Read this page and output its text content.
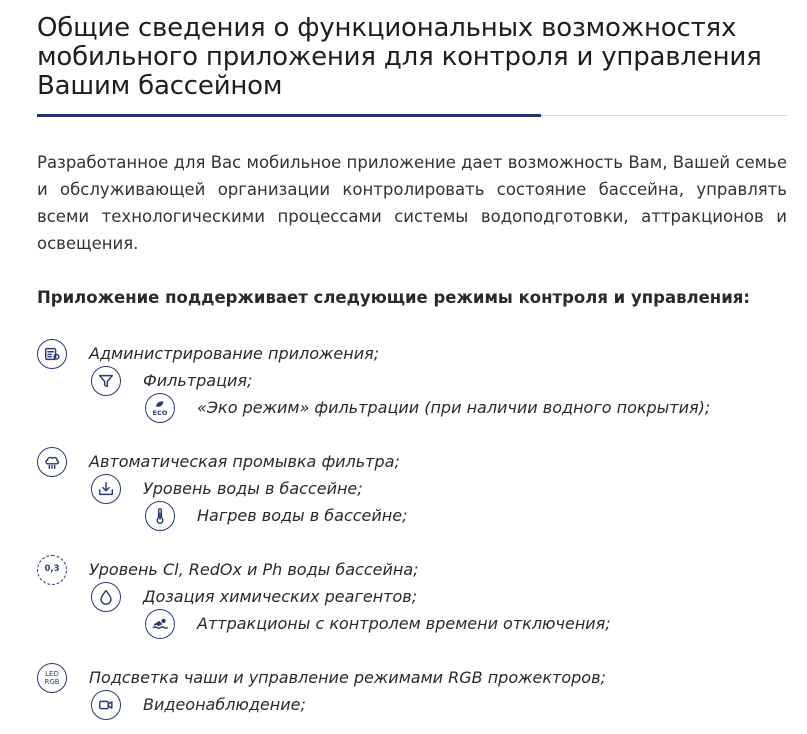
Общие сведения о функциональных возможностях мобильного приложения для контроля и управления Вашим бассейном

Разработанное для Вас мобильное приложение дает возможность Вам, Вашей семье и обслуживающей организации контролировать состояние бассейна, управлять всеми технологическими процессами системы водоподготовки, аттракционов и освещения.

Приложение поддерживает следующие режимы контроля и управления:

Администрирование приложения;
Фильтрация;
ECO «Эко режим» фильтрации (при наличии водного покрытия);
Автоматическая промывка фильтра;
Уровень воды в бассейне;
Нагрев воды в бассейне;
0,3 Уровень Cl, RedOx и Ph воды бассейна;
Дозация химических реагентов;
Аттракционы с контролем времени отключения;
LED
RGB Подсветка чаши и управление режимами RGB прожекторов;
Видеонаблюдение;
